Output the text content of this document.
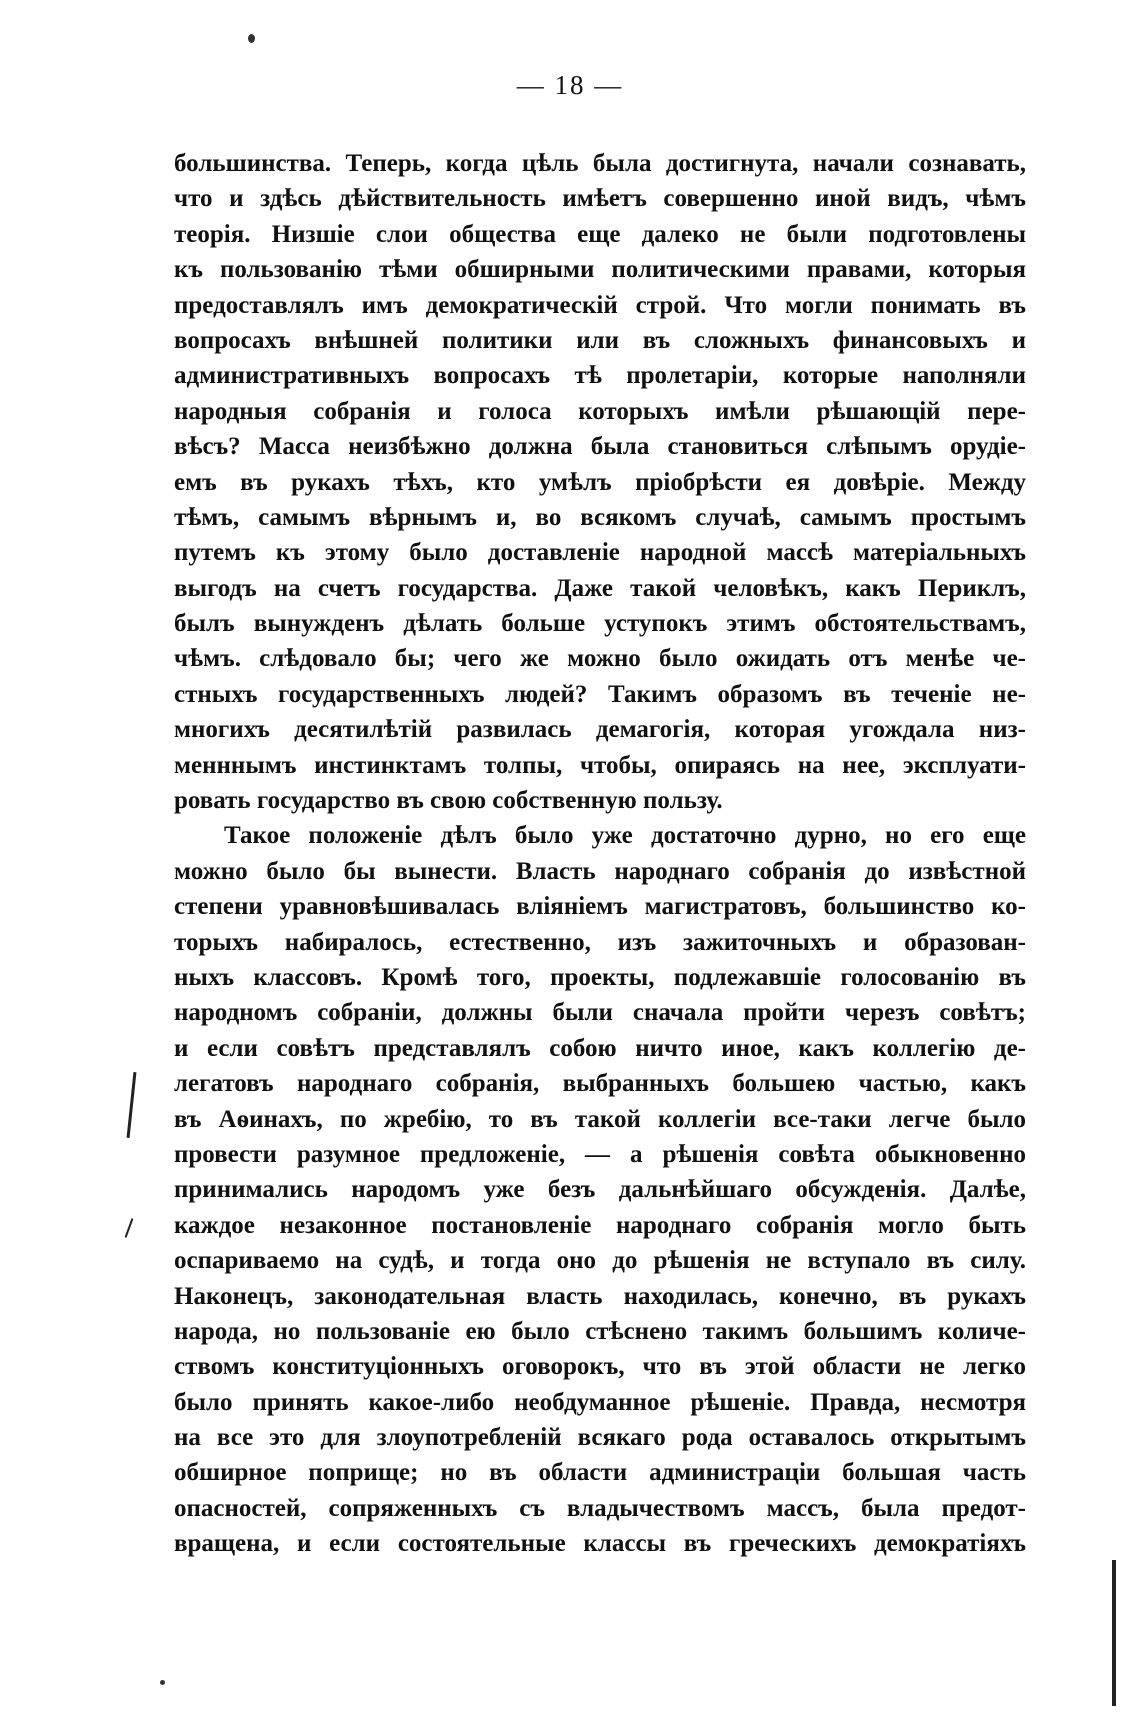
— 18 —
большинства. Теперь, когда цѣль была достигнута, начали сознавать,
что и здѣсь дѣйствительность имѣетъ совершенно иной видъ, чѣмъ
теорія. Низшіе слои общества еще далеко не были подготовлены
къ пользованію тѣми обширными политическими правами, которыя
предоставлялъ имъ демократическій строй. Что могли понимать въ
вопросахъ внѣшней политики или въ сложныхъ финансовыхъ и
административныхъ вопросахъ тѣ пролетаріи, которые наполняли
народныя собранія и голоса которыхъ имѣли рѣшающій пере-
вѣсъ? Масса неизбѣжно должна была становиться слѣпымъ орудіе-
емъ въ рукахъ тѣхъ, кто умѣлъ пріобрѣсти ея довѣріе. Между
тѣмъ, самымъ вѣрнымъ и, во всякомъ случаѣ, самымъ простымъ
путемъ къ этому было доставленіе народной массѣ матеріальныхъ
выгодъ на счетъ государства. Даже такой человѣкъ, какъ Периклъ,
былъ вынужденъ дѣлать больше уступокъ этимъ обстоятельствамъ,
чѣмъ. слѣдовало бы; чего же можно было ожидать отъ менѣе че-
стныхъ государственныхъ людей? Такимъ образомъ въ теченіе не-
многихъ десятилѣтій развилась демагогія, которая угождала низ-
менннымъ инстинктамъ толпы, чтобы, опираясь на нее, эксплуати-
ровать государство въ свою собственную пользу.
Такое положеніе дѣлъ было уже достаточно дурно, но его еще
можно было бы вынести. Власть народнаго собранія до извѣстной
степени уравновѣшивалась вліяніемъ магистратовъ, большинство ко-
торыхъ набиралось, естественно, изъ зажиточныхъ и образован-
ныхъ классовъ. Кромѣ того, проекты, подлежавшіе голосованію въ
народномъ собраніи, должны были сначала пройти черезъ совѣтъ;
и если совѣтъ представлялъ собою ничто иное, какъ коллегію де-
легатовъ народнаго собранія, выбранныхъ большею частью, какъ
въ Аѳинахъ, по жребію, то въ такой коллегіи все-таки легче было
провести разумное предложеніе, — а рѣшенія совѣта обыкновенно
принимались народомъ уже безъ дальнѣйшаго обсужденія. Далѣе,
каждое незаконное постановленіе народнаго собранія могло быть
оспариваемо на судѣ, и тогда оно до рѣшенія не вступало въ силу.
Наконецъ, законодательная власть находилась, конечно, въ рукахъ
народа, но пользованіе ею было стѣснено такимъ большимъ количе-
ствомъ конституціонныхъ оговорокъ, что въ этой области не легко
было принять какое-либо необдуманное рѣшеніе. Правда, несмотря
на все это для злоупотребленій всякаго рода оставалось открытымъ
обширное поприще; но въ области администраціи большая часть
опасностей, сопряженныхъ съ владычествомъ массъ, была предот-
вращена, и если состоятельные классы въ греческихъ демократіяхъ
